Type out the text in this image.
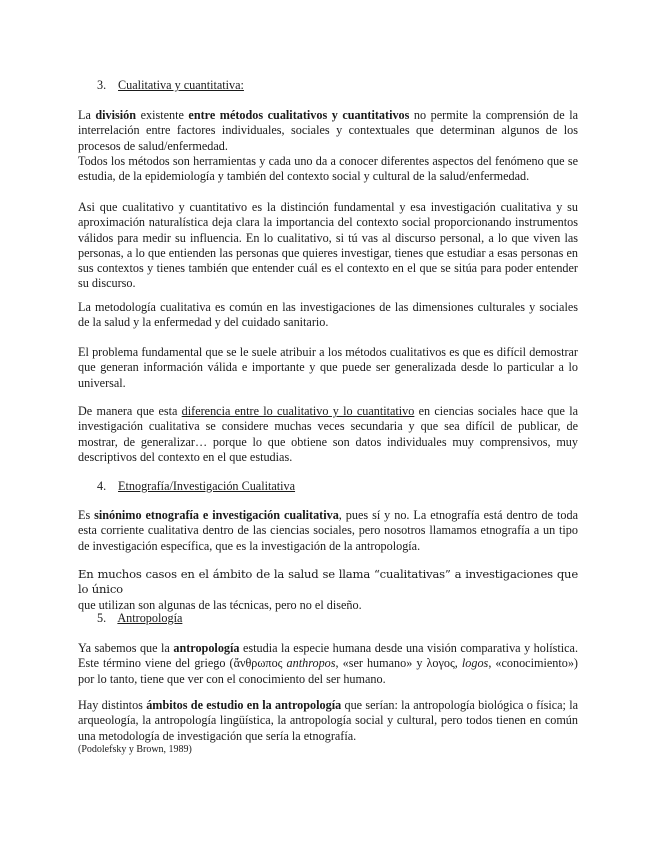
3. Cualitativa y cuantitativa:

La división existente entre métodos cualitativos y cuantitativos no permite la comprensión de la interrelación entre factores individuales, sociales y contextuales que determinan algunos de los procesos de salud/enfermedad.

Todos los métodos son herramientas y cada uno da a conocer diferentes aspectos del fenómeno que se estudia, de la epidemiología y también del contexto social y cultural de la salud/enfermedad.

Asi que cualitativo y cuantitativo es la distinción fundamental y esa investigación cualitativa y su aproximación naturalística deja clara la importancia del contexto social proporcionando instrumentos válidos para medir su influencia. En lo cualitativo, si tú vas al discurso personal, a lo que viven las personas, a lo que entienden las personas que quieres investigar, tienes que estudiar a esas personas en sus contextos y tienes también que entender cuál es el contexto en el que se sitúa para poder entender su discurso.

La metodología cualitativa es común en las investigaciones de las dimensiones culturales y sociales de la salud y la enfermedad y del cuidado sanitario.

El problema fundamental que se le suele atribuir a los métodos cualitativos es que es difícil demostrar que generan información válida e importante y que puede ser generalizada desde lo particular a lo universal.

De manera que esta diferencia entre lo cualitativo y lo cuantitativo en ciencias sociales hace que la investigación cualitativa se considere muchas veces secundaria y que sea difícil de publicar, de mostrar, de generalizar… porque lo que obtiene son datos individuales muy comprensivos, muy descriptivos del contexto en el que estudias.

4. Etnografía/Investigación Cualitativa

Es sinónimo etnografía e investigación cualitativa, pues sí y no. La etnografía está dentro de toda esta corriente cualitativa dentro de las ciencias sociales, pero nosotros llamamos etnografía a un tipo de investigación específica, que es la investigación de la antropología.

En muchos casos en el ámbito de la salud se llama “cualitativas” a investigaciones que lo único
que utilizan son algunas de las técnicas, pero no el diseño.

5. Antropología

Ya sabemos que la antropología estudia la especie humana desde una visión comparativa y holística. Este término viene del griego (ἄνθρωπος anthropos, «ser humano» y λογος, logos, «conocimiento») por lo tanto, tiene que ver con el conocimiento del ser humano.

Hay distintos ámbitos de estudio en la antropología que serían: la antropología biológica o física; la arqueología, la antropología lingüística, la antropología social y cultural, pero todos tienen en común una metodología de investigación que sería la etnografía.

(Podolefsky y Brown, 1989)
